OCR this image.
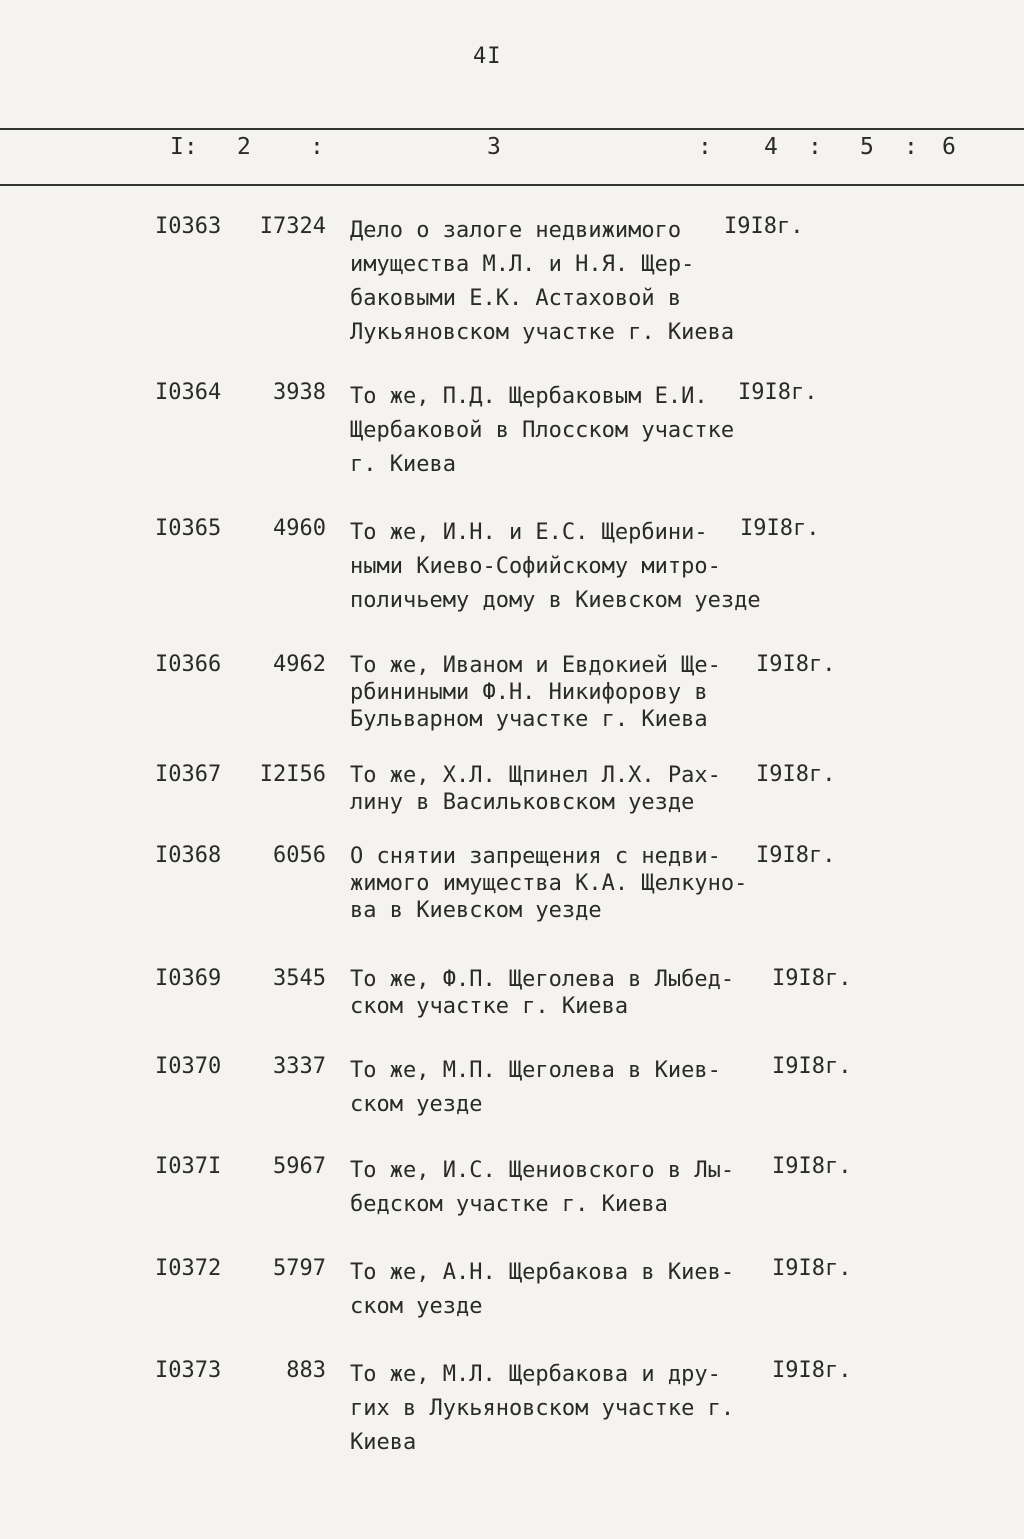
4I
I: 2	:	3	: 4 : 5 : 6
I0363	I7324 Дело о залоге недвижимого
имущества М.Л. и Н.Я. Щер-
баковыми Е.К. Астаховой в
Лукьяновском участке г. Киева
I9I8г.
I0364	3938 То же, П.Д. Щербаковым Е.И.
Щербаковой в Плосском участке
г. Киева
I9I8г.
I0365	4960 То же, И.Н. и Е.С. Щербини-
ными Киево-Софийскому митро-
поличьему дому в Киевском уезде
I9I8г.
I0366	4962 То же, Иваном и Евдокией Ще-
рбиниными Ф.Н. Никифорову в
Бульварном участке г. Киева
I9I8г.
I0367	I2I56 То же, Х.Л. Щпинел Л.Х. Рах-
лину в Васильковском уезде
I9I8г.
I0368	6056 О снятии запрещения с недви-
жимого имущества К.А. Щелкуно-
ва в Киевском уезде
I9I8г.
I0369	3545 То же, Ф.П. Щеголева в Лыбед-
ском участке г. Киева
I9I8г.
I0370	3337 То же, М.П. Щеголева в Киев-
ском уезде
I9I8г.
I037I	5967 То же, И.С. Щениовского в Лы-
бедском участке г. Киева
I9I8г.
I0372	5797 То же, А.Н. Щербакова в Киев-
ском уезде
I9I8г.
I0373	883 То же, М.Л. Щербакова и дру-
гих в Лукьяновском участке г.
Киева
I9I8г.
